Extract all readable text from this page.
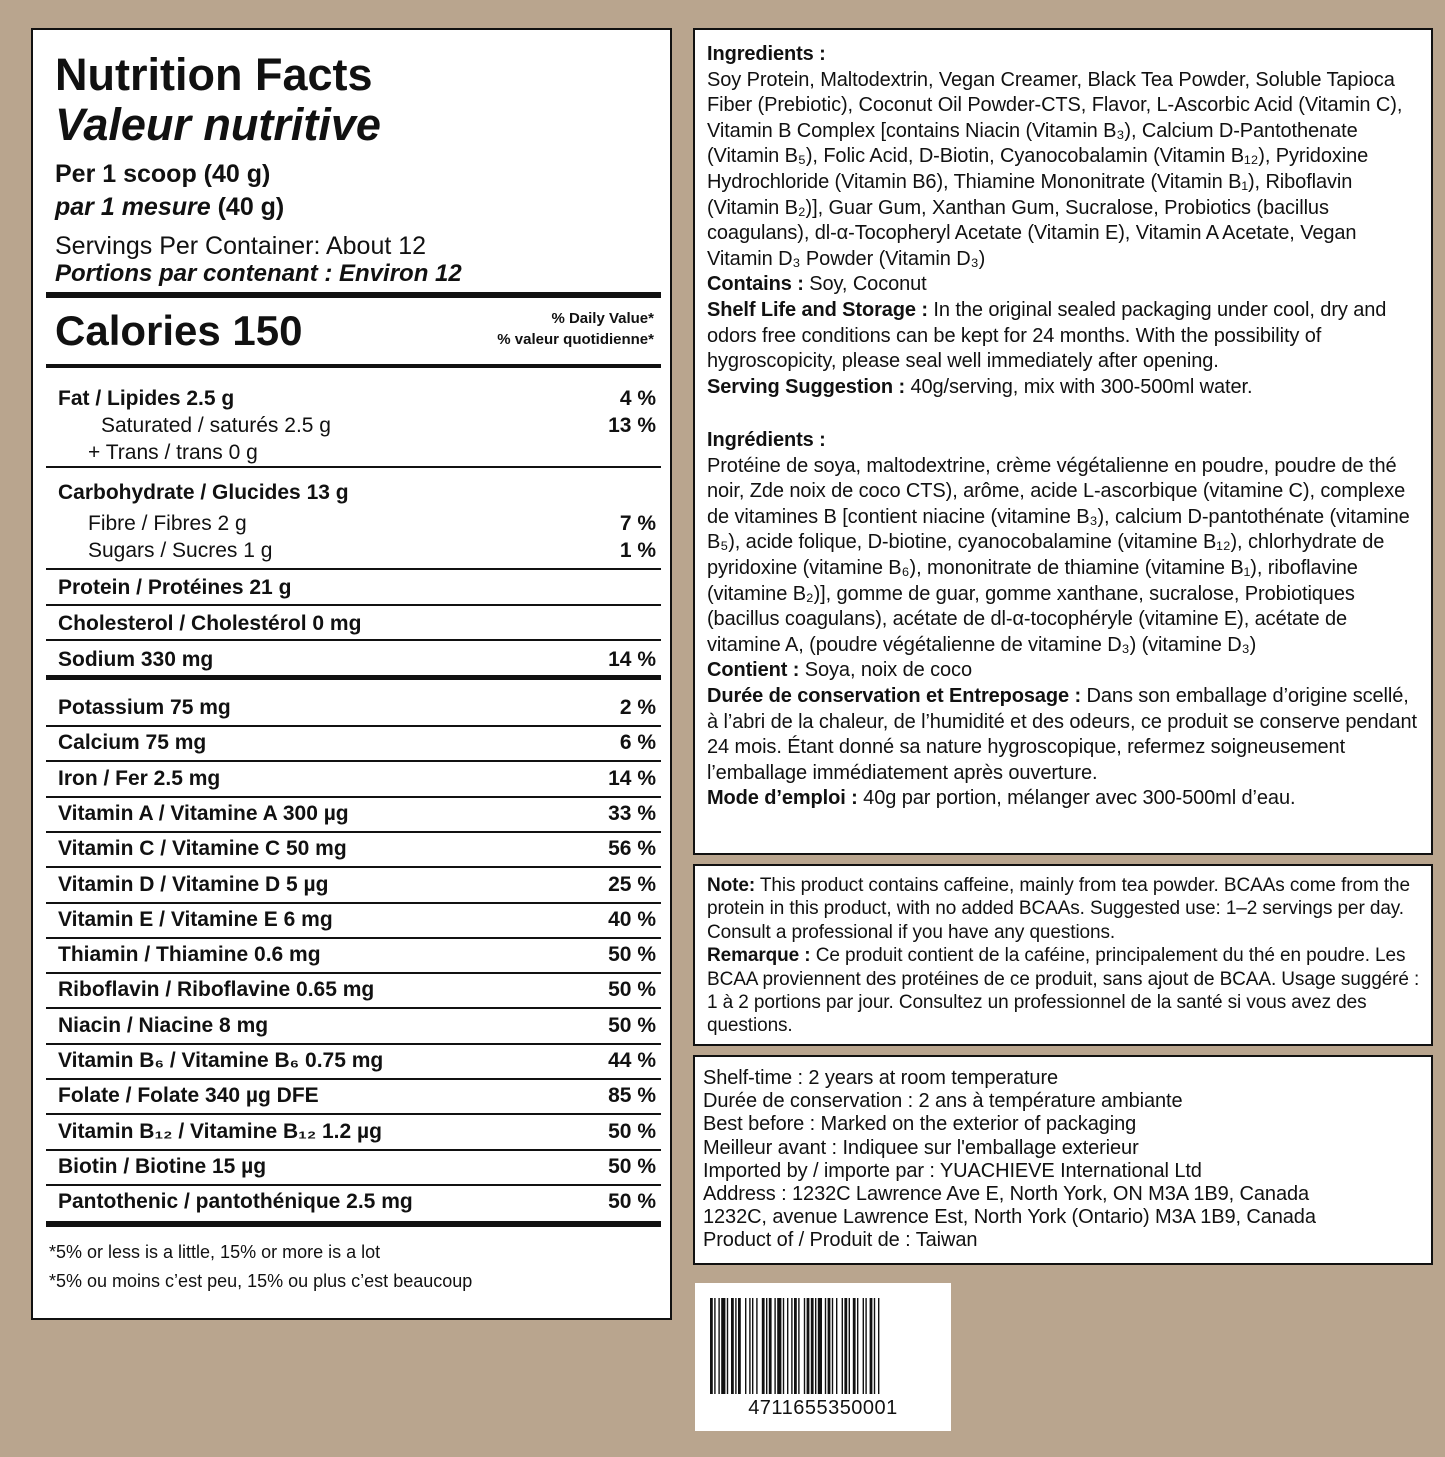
Nutrition Facts
Valeur nutritive
Per 1 scoop (40 g)
par 1 mesure (40 g)
Servings Per Container: About 12
Portions par contenant : Environ 12
Calories 150	% Daily Value*
% valeur quotidienne*
Fat / Lipides 2.5 g	4 %
Saturated / saturés 2.5 g	13 %
+ Trans / trans 0 g
Carbohydrate / Glucides 13 g
Fibre / Fibres 2 g	7 %
Sugars / Sucres 1 g	1 %
Protein / Protéines 21 g
Cholesterol / Cholestérol 0 mg
Sodium 330 mg	14 %
Potassium 75 mg	2 %
Calcium 75 mg	6 %
Iron / Fer 2.5 mg	14 %
Vitamin A / Vitamine A 300 µg	33 %
Vitamin C / Vitamine C 50 mg	56 %
Vitamin D / Vitamine D 5 µg	25 %
Vitamin E / Vitamine E 6 mg	40 %
Thiamin / Thiamine 0.6 mg	50 %
Riboflavin / Riboflavine 0.65 mg	50 %
Niacin / Niacine 8 mg	50 %
Vitamin B₆ / Vitamine B₆ 0.75 mg	44 %
Folate / Folate 340 µg DFE	85 %
Vitamin B₁₂ / Vitamine B₁₂ 1.2 µg	50 %
Biotin / Biotine 15 µg	50 %
Pantothenic / pantothénique 2.5 mg	50 %
*5% or less is a little, 15% or more is a lot
*5% ou moins c’est peu, 15% ou plus c’est beaucoup

Ingredients :

Soy Protein, Maltodextrin, Vegan Creamer, Black Tea Powder, Soluble Tapioca Fiber (Prebiotic), Coconut Oil Powder-CTS, Flavor, L-Ascorbic Acid (Vitamin C), Vitamin B Complex [contains Niacin (Vitamin B₃), Calcium D-Pantothenate (Vitamin B₅), Folic Acid, D-Biotin, Cyanocobalamin (Vitamin B₁₂), Pyridoxine Hydrochloride (Vitamin B6), Thiamine Mononitrate (Vitamin B₁), Riboflavin (Vitamin B₂)], Guar Gum, Xanthan Gum, Sucralose, Probiotics (bacillus coagulans), dl-α-Tocopheryl Acetate (Vitamin E), Vitamin A Acetate, Vegan Vitamin D₃ Powder (Vitamin D₃)

Contains : Soy, Coconut

Shelf Life and Storage : In the original sealed packaging under cool, dry and odors free conditions can be kept for 24 months. With the possibility of hygroscopicity, please seal well immediately after opening.

Serving Suggestion : 40g/serving, mix with 300-500ml water.

Ingrédients :

Protéine de soya, maltodextrine, crème végétalienne en poudre, poudre de thé noir, Zde noix de coco CTS), arôme, acide L-ascorbique (vitamine C), complexe de vitamines B [contient niacine (vitamine B₃), calcium D-pantothénate (vitamine B₅), acide folique, D-biotine, cyanocobalamine (vitamine B₁₂), chlorhydrate de pyridoxine (vitamine B₆), mononitrate de thiamine (vitamine B₁), riboflavine (vitamine B₂)], gomme de guar, gomme xanthane, sucralose, Probiotiques (bacillus coagulans), acétate de dl-α-tocophéryle (vitamine E), acétate de vitamine A, (poudre végétalienne de vitamine D₃) (vitamine D₃)

Contient : Soya, noix de coco

Durée de conservation et Entreposage : Dans son emballage d’origine scellé, à l’abri de la chaleur, de l’humidité et des odeurs, ce produit se conserve pendant 24 mois. Étant donné sa nature hygroscopique, refermez soigneusement l’emballage immédiatement après ouverture.

Mode d’emploi : 40g par portion, mélanger avec 300-500ml d’eau.

Note: This product contains caffeine, mainly from tea powder. BCAAs come from the protein in this product, with no added BCAAs. Suggested use: 1–2 servings per day. Consult a professional if you have any questions.

Remarque : Ce produit contient de la caféine, principalement du thé en poudre. Les BCAA proviennent des protéines de ce produit, sans ajout de BCAA. Usage suggéré : 1 à 2 portions par jour. Consultez un professionnel de la santé si vous avez des questions.

Shelf-time : 2 years at room temperature

Durée de conservation : 2 ans à température ambiante

Best before : Marked on the exterior of packaging

Meilleur avant : Indiquee sur l'emballage exterieur

Imported by / importe par : YUACHIEVE International Ltd

Address : 1232C Lawrence Ave E, North York, ON M3A 1B9, Canada

1232C, avenue Lawrence Est, North York (Ontario) M3A 1B9, Canada

Product of / Produit de : Taiwan

4711655350001
